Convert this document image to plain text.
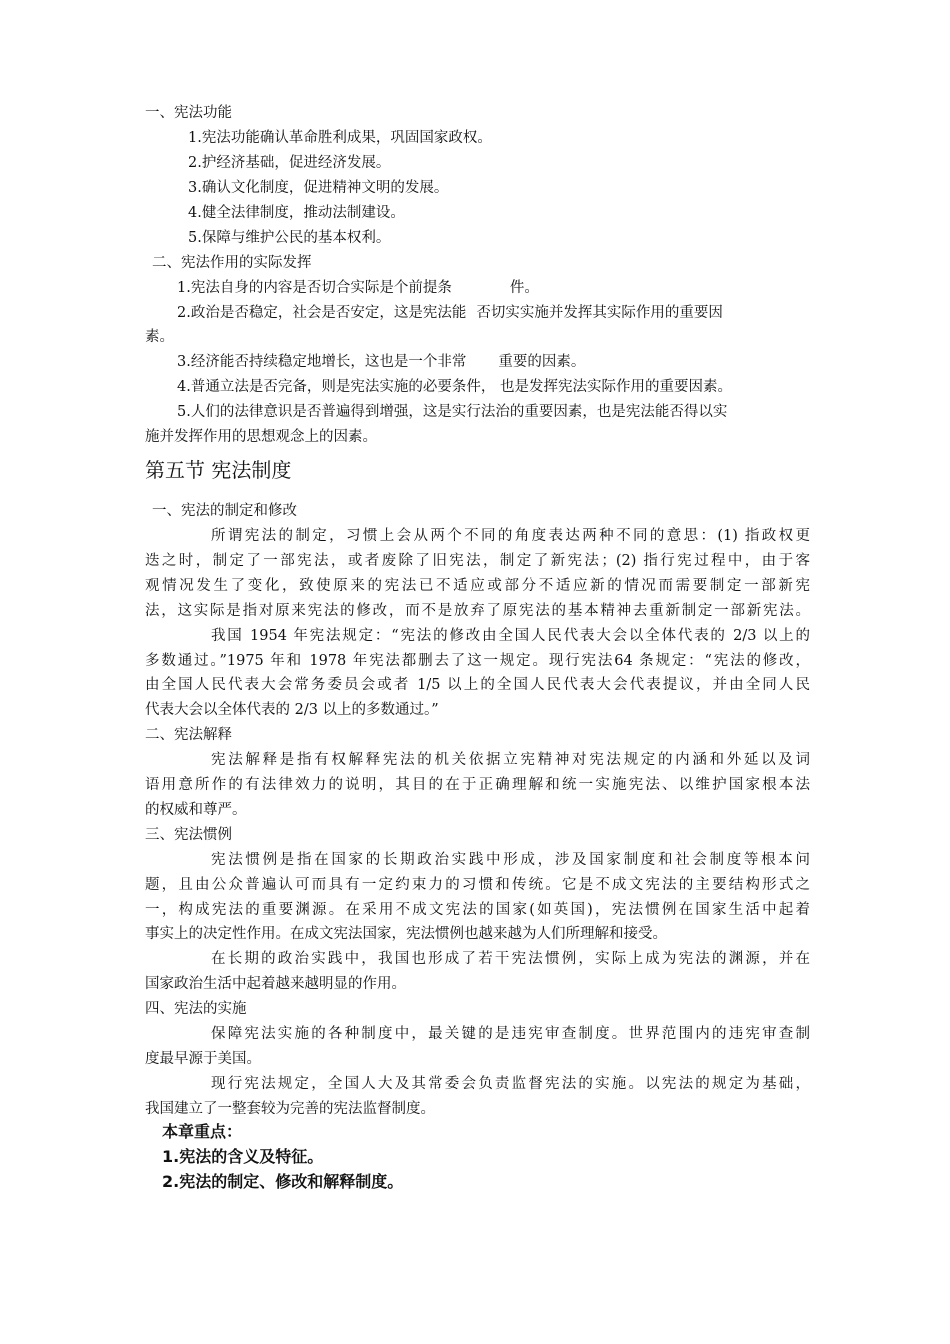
一、宪法功能
1.宪法功能确认革命胜利成果，巩固国家政权。
2.护经济基础，促进经济发展。
3.确认文化制度，促进精神文明的发展。
4.健全法律制度，推动法制建设。
5.保障与维护公民的基本权利。
二、宪法作用的实际发挥
1.宪法自身的内容是否切合实际是个前提条	件。
2.政治是否稳定，社会是否安定，这是宪法能 否切实实施并发挥其实际作用的重要因
素。
3.经济能否持续稳定地增长，这也是一个非常 重要的因素。
4.普通立法是否完备，则是宪法实施的必要条件， 也是发挥宪法实际作用的重要因素。
5.人们的法律意识是否普遍得到增强，这是实行法治的重要因素，也是宪法能否得以实
施并发挥作用的思想观念上的因素。
第五节 宪法制度
一、宪法的制定和修改
所谓宪法的制定，习惯上会从两个不同的角度表达两种不同的意思：(1) 指政权更
迭之时，制定了一部宪法，或者废除了旧宪法，制定了新宪法；(2) 指行宪过程中，由于客
观情况发生了变化，致使原来的宪法已不适应或部分不适应新的情况而需要制定一部新宪
法，这实际是指对原来宪法的修改，而不是放弃了原宪法的基本精神去重新制定一部新宪法。
我国 1954 年宪法规定：“宪法的修改由全国人民代表大会以全体代表的 2/3 以上的
多数通过。”1975 年和 1978 年宪法都删去了这一规定。现行宪法64 条规定：“宪法的修改，
由全国人民代表大会常务委员会或者 1/5 以上的全国人民代表大会代表提议，并由全同人民
代表大会以全体代表的 2/3 以上的多数通过。”
二、宪法解释
宪法解释是指有权解释宪法的机关依据立宪精神对宪法规定的内涵和外延以及词
语用意所作的有法律效力的说明，其目的在于正确理解和统一实施宪法、以维护国家根本法
的权威和尊严。
三、宪法惯例
宪法惯例是指在国家的长期政治实践中形成，涉及国家制度和社会制度等根本问
题，且由公众普遍认可而具有一定约束力的习惯和传统。它是不成文宪法的主要结构形式之
一，构成宪法的重要渊源。在采用不成文宪法的国家(如英国)，宪法惯例在国家生活中起着
事实上的决定性作用。在成文宪法国家，宪法惯例也越来越为人们所理解和接受。
在长期的政治实践中，我国也形成了若干宪法惯例，实际上成为宪法的渊源，并在
国家政治生活中起着越来越明显的作用。
四、宪法的实施
保障宪法实施的各种制度中，最关键的是违宪审查制度。世界范围内的违宪审查制
度最早源于美国。
现行宪法规定，全国人大及其常委会负责监督宪法的实施。以宪法的规定为基础，
我国建立了一整套较为完善的宪法监督制度。
本章重点：
1.宪法的含义及特征。
2.宪法的制定、修改和解释制度。
